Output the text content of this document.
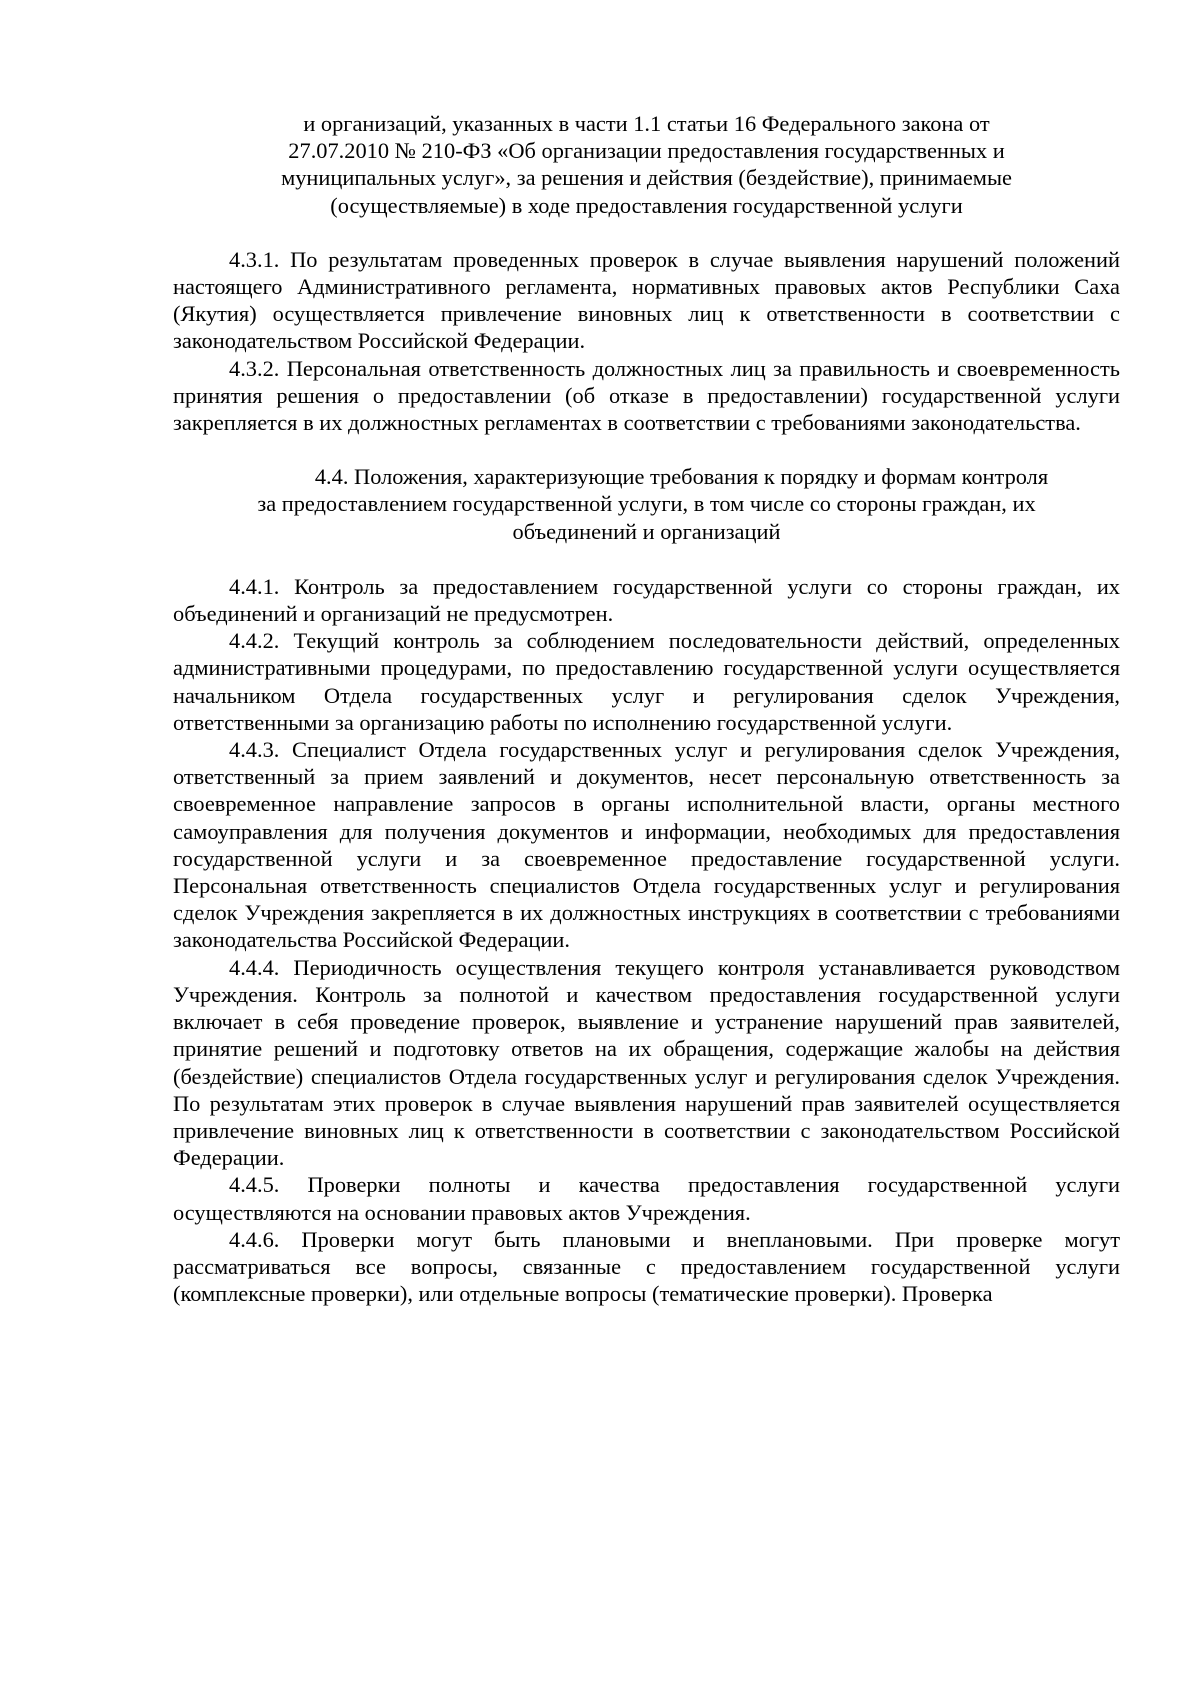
и организаций, указанных в части 1.1 статьи 16 Федерального закона от 27.07.2010 № 210-ФЗ «Об организации предоставления государственных и муниципальных услуг», за решения и действия (бездействие), принимаемые (осуществляемые) в ходе предоставления государственной услуги

4.3.1. По результатам проведенных проверок в случае выявления нарушений положений настоящего Административного регламента, нормативных правовых актов Республики Саха (Якутия) осуществляется привлечение виновных лиц к ответственности в соответствии с законодательством Российской Федерации.

4.3.2. Персональная ответственность должностных лиц за правильность и своевременность принятия решения о предоставлении (об отказе в предоставлении) государственной услуги закрепляется в их должностных регламентах в соответствии с требованиями законодательства.

4.4. Положения, характеризующие требования к порядку и формам контроля за предоставлением государственной услуги, в том числе со стороны граждан, их объединений и организаций

4.4.1. Контроль за предоставлением государственной услуги со стороны граждан, их объединений и организаций не предусмотрен.

4.4.2. Текущий контроль за соблюдением последовательности действий, определенных административными процедурами, по предоставлению государственной услуги осуществляется начальником Отдела государственных услуг и регулирования сделок Учреждения, ответственными за организацию работы по исполнению государственной услуги.

4.4.3. Специалист Отдела государственных услуг и регулирования сделок Учреждения, ответственный за прием заявлений и документов, несет персональную ответственность за своевременное направление запросов в органы исполнительной власти, органы местного самоуправления для получения документов и информации, необходимых для предоставления государственной услуги и за своевременное предоставление государственной услуги. Персональная ответственность специалистов Отдела государственных услуг и регулирования сделок Учреждения закрепляется в их должностных инструкциях в соответствии с требованиями законодательства Российской Федерации.

4.4.4. Периодичность осуществления текущего контроля устанавливается руководством Учреждения. Контроль за полнотой и качеством предоставления государственной услуги включает в себя проведение проверок, выявление и устранение нарушений прав заявителей, принятие решений и подготовку ответов на их обращения, содержащие жалобы на действия (бездействие) специалистов Отдела государственных услуг и регулирования сделок Учреждения. По результатам этих проверок в случае выявления нарушений прав заявителей осуществляется привлечение виновных лиц к ответственности в соответствии с законодательством Российской Федерации.

4.4.5. Проверки полноты и качества предоставления государственной услуги осуществляются на основании правовых актов Учреждения.

4.4.6. Проверки могут быть плановыми и внеплановыми. При проверке могут рассматриваться все вопросы, связанные с предоставлением государственной услуги (комплексные проверки), или отдельные вопросы (тематические проверки). Проверка
